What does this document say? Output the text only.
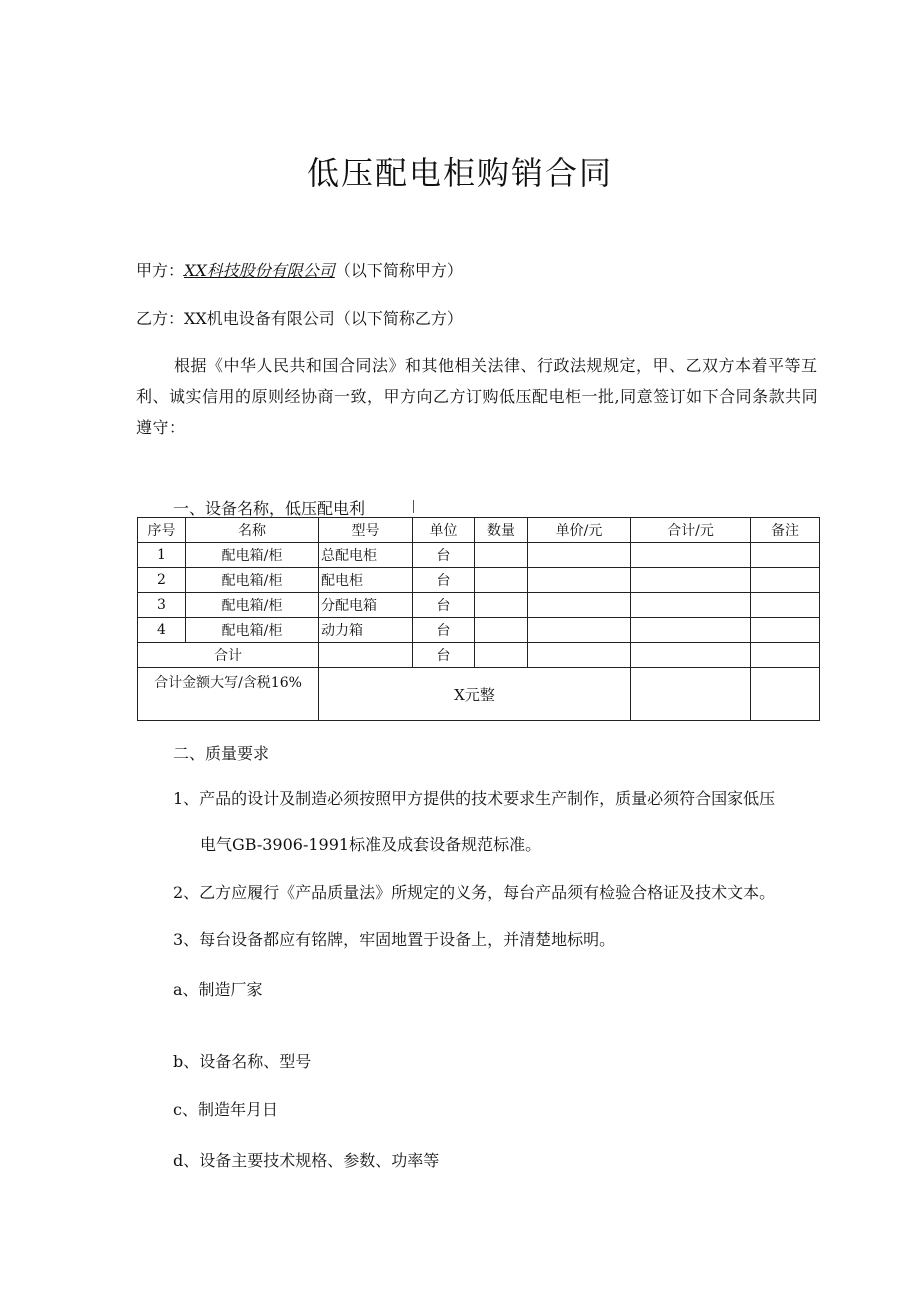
低压配电柜购销合同
甲方：XX科技股份有限公司（以下简称甲方）
乙方：XX机电设备有限公司（以下简称乙方）
根据《中华人民共和国合同法》和其他相关法律、行政法规规定，甲、乙双方本着平等互利、诚实信用的原则经协商一致，甲方向乙方订购低压配电柜一批,同意签订如下合同条款共同遵守：
一、设备名称，低压配电利
序号	名称	型号	单位	数量	单价/元	合计/元	备注
1	配电箱/柜	总配电柜	台				
2	配电箱/柜	配电柜	台				
3	配电箱/柜	分配电箱	台				
4	配电箱/柜	动力箱	台				
合计			台				
合计金额大写/含税16%		X元整					
二、质量要求
1、产品的设计及制造必须按照甲方提供的技术要求生产制作，质量必须符合国家低压
电气GB-3906-1991标准及成套设备规范标准。
2、乙方应履行《产品质量法》所规定的义务，每台产品须有检验合格证及技术文本。
3、每台设备都应有铭牌，牢固地置于设备上，并清楚地标明。
a、制造厂家
b、设备名称、型号
c、制造年月日
d、设备主要技术规格、参数、功率等
